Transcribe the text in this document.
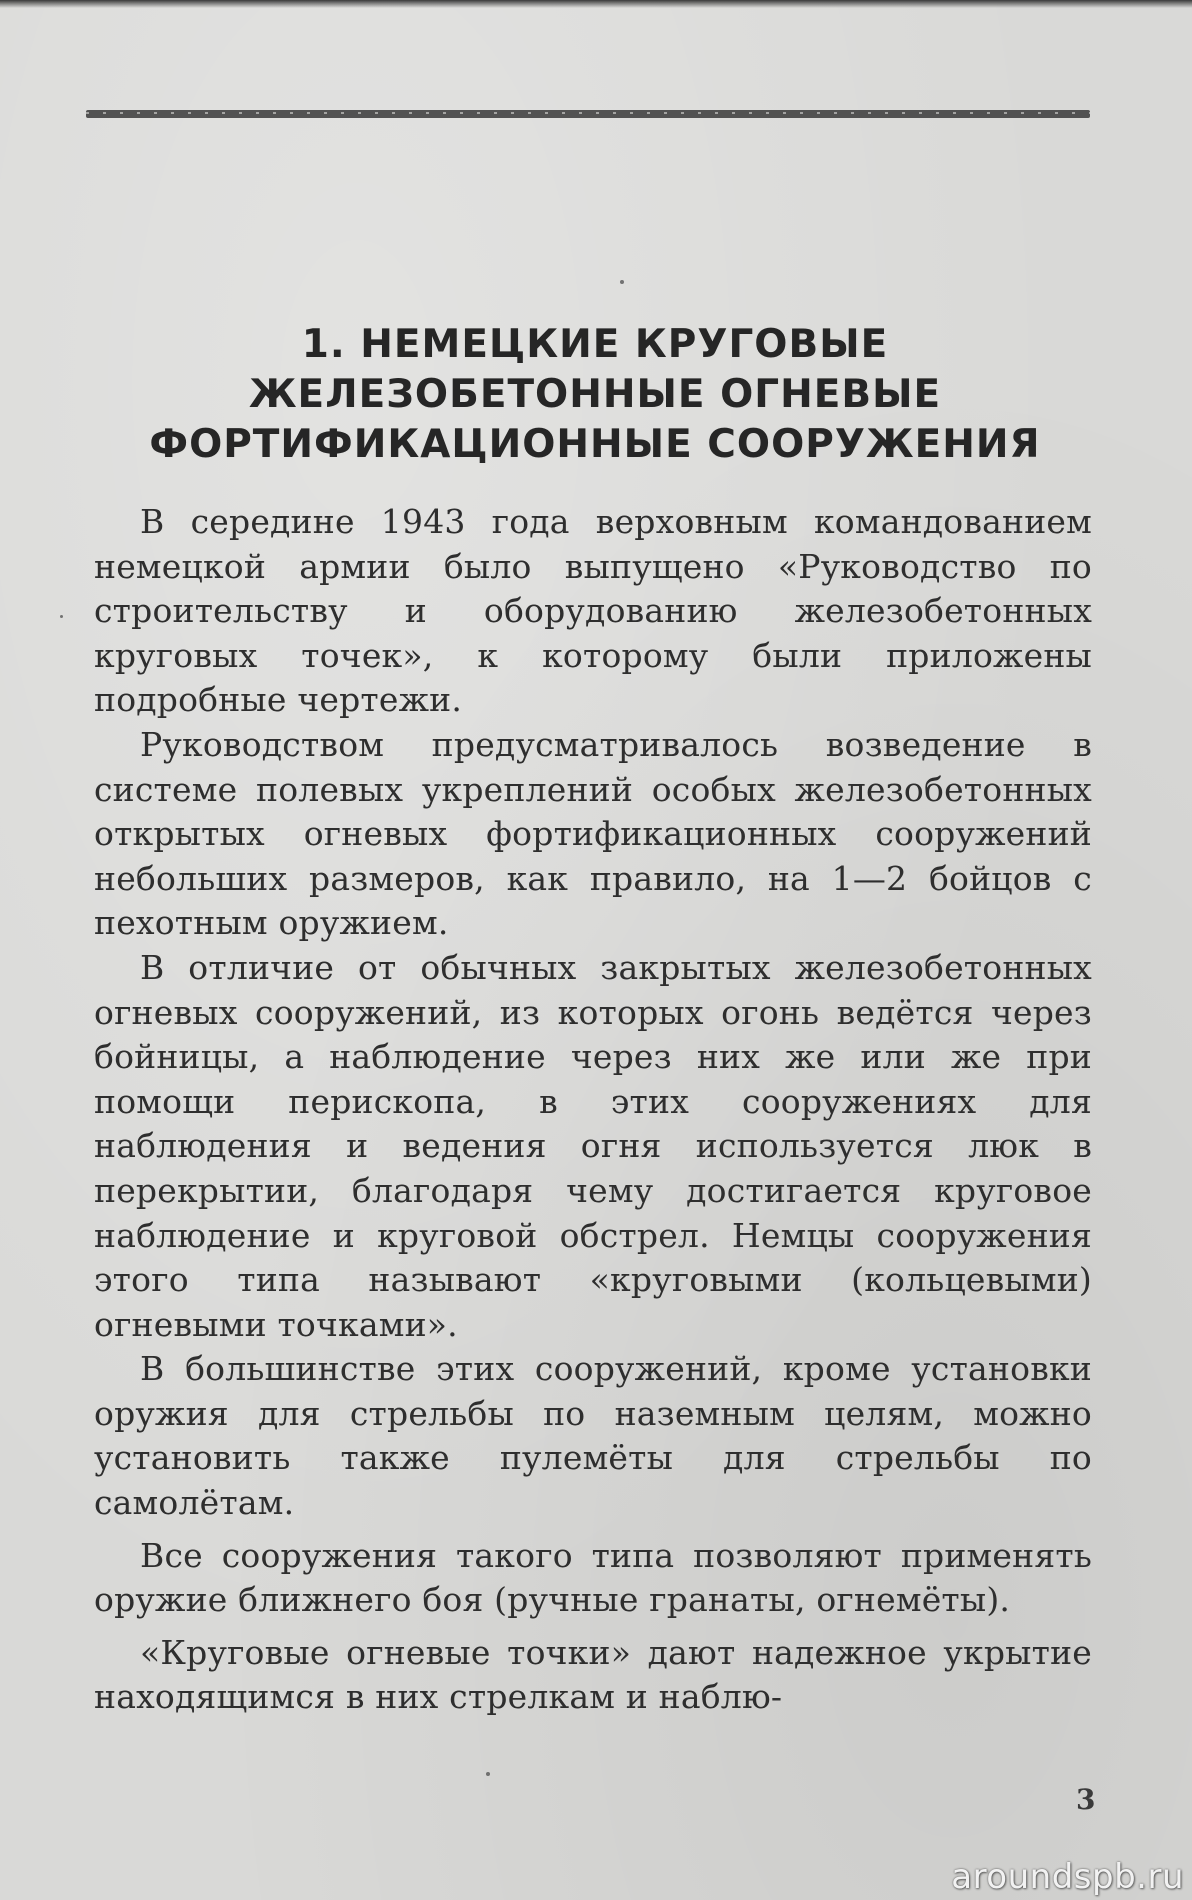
1. НЕМЕЦКИЕ КРУГОВЫЕ
ЖЕЛЕЗОБЕТОННЫЕ ОГНЕВЫЕ
ФОРТИФИКАЦИОННЫЕ СООРУЖЕНИЯ

В середине 1943 года верховным командованием немецкой армии было выпущено «Руководство по строительству и оборудованию железобетонных круговых точек», к которому были приложены подробные чертежи.

Руководством предусматривалось возведение в системе полевых укреплений особых железобетонных открытых огневых фортификационных сооружений небольших размеров, как правило, на 1—2 бойцов с пехотным оружием.

В отличие от обычных закрытых железобетонных огневых сооружений, из которых огонь ведётся через бойницы, а наблюдение через них же или же при помощи перископа, в этих сооружениях для наблюдения и ведения огня используется люк в перекрытии, благодаря чему достигается круговое наблюдение и круговой обстрел. Немцы сооружения этого типа называют «круговыми (кольцевыми) огневыми точками».

В большинстве этих сооружений, кроме установки оружия для стрельбы по наземным целям, можно установить также пулемёты для стрельбы по самолётам.

Все сооружения такого типа позволяют применять оружие ближнего боя (ручные гранаты, огнемёты).

«Круговые огневые точки» дают надежное укрытие находящимся в них стрелкам и наблю-

3
aroundspb.ru
